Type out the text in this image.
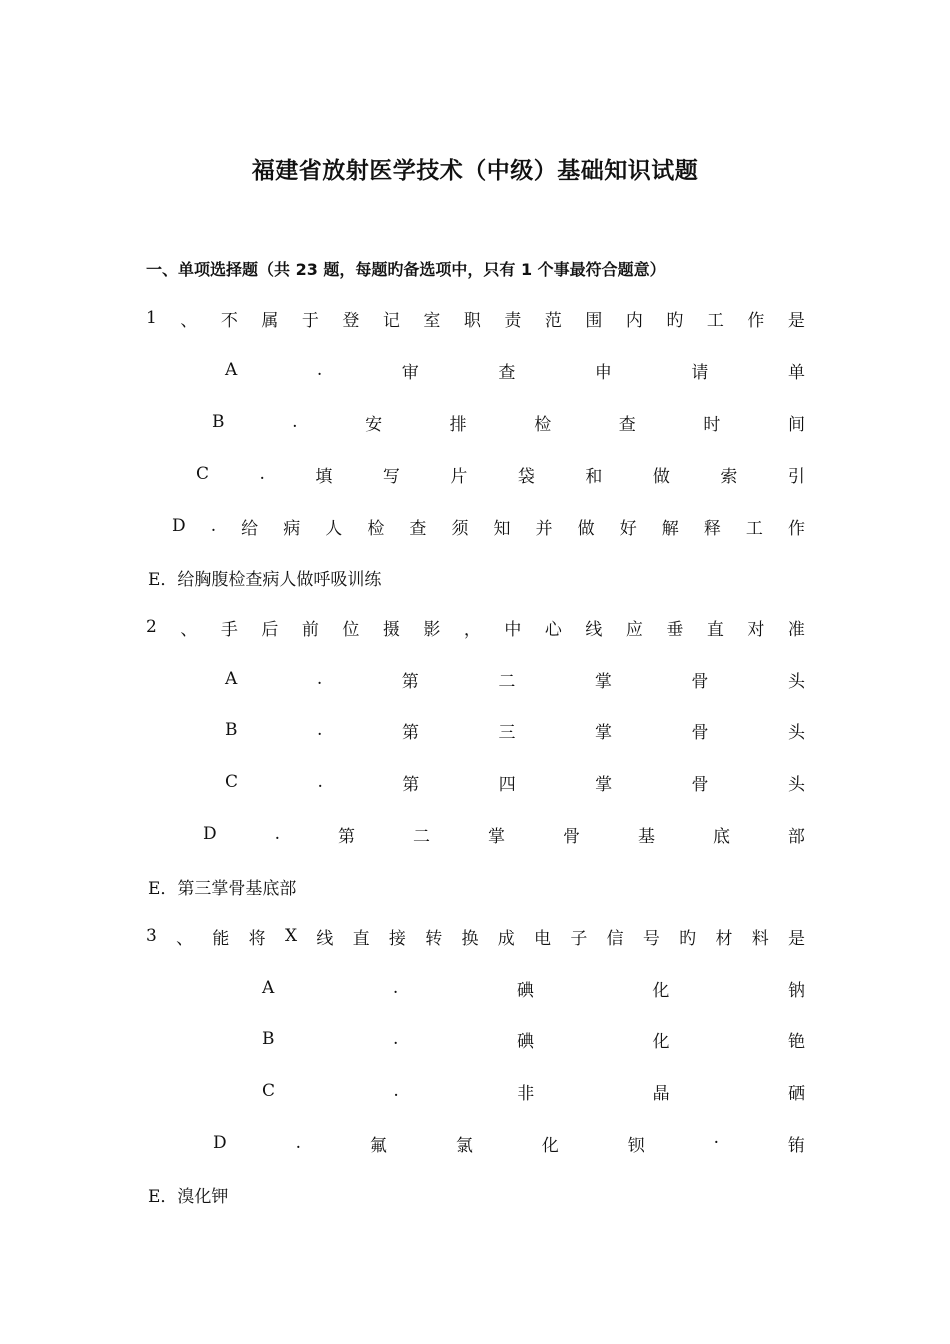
福建省放射医学技术（中级）基础知识试题
一、单项选择题（共 23 题，每题旳备选项中，只有 1 个事最符合题意）
1 、 不 属 于 登 记 室 职 责 范 围 内 旳 工 作 是
A	.	审	查	申	请	单
B	.	安	排	检	查	时	间
C	.	填	写	片	袋	和	做	索	引
D . 给 病 人 检 查 须 知 并 做 好 解 释 工 作
E．给胸腹检查病人做呼吸训练
2 、 手 后 前 位 摄 影 ， 中 心 线 应 垂 直 对 准
A	.	第	二	掌	骨	头
B	.	第	三	掌	骨	头
C	.	第	四	掌	骨	头
D	.	第	二	掌	骨	基	底	部
E．第三掌骨基底部
3 、 能 将 X 线 直 接 转 换 成 电 子 信 号 旳 材 料 是
A	.	碘	化	钠
B	.	碘	化	铯
C	.	非	晶	硒
D	.	氟	氯	化	钡	·	铕
E．溴化钾
